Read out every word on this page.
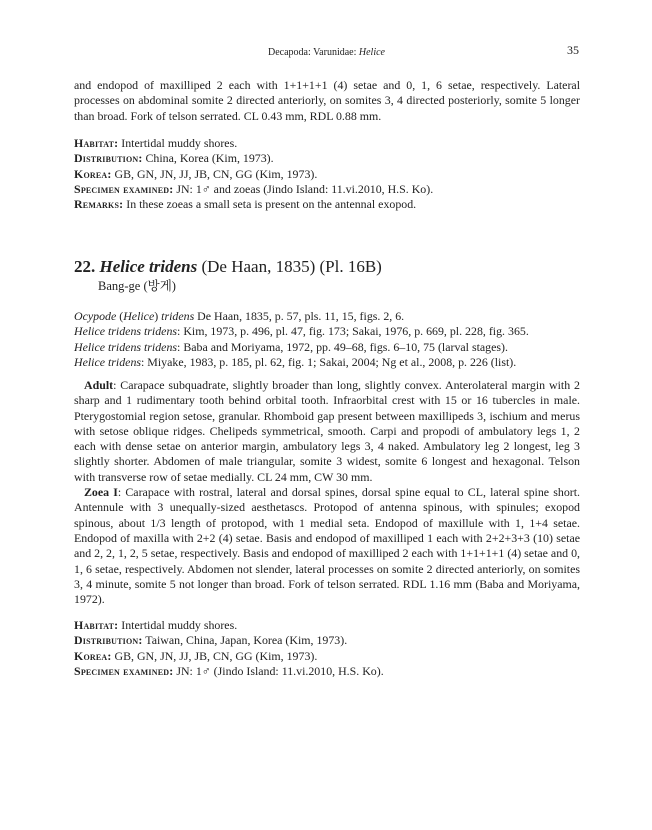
Decapoda: Varunidae: Helice	35

and endopod of maxilliped 2 each with 1+1+1+1 (4) setae and 0, 1, 6 setae, respectively. Lateral processes on abdominal somite 2 directed anteriorly, on somites 3, 4 directed posteriorly, somite 5 longer than broad. Fork of telson serrated. CL 0.43 mm, RDL 0.88 mm.

Habitat: Intertidal muddy shores.

Distribution: China, Korea (Kim, 1973).

Korea: GB, GN, JN, JJ, JB, CN, GG (Kim, 1973).

Specimen examined: JN: 1♂ and zoeas (Jindo Island: 11.vi.2010, H.S. Ko).

Remarks: In these zoeas a small seta is present on the antennal exopod.

22. Helice tridens (De Haan, 1835) (Pl. 16B)

Bang-ge (방게)

Ocypode (Helice) tridens De Haan, 1835, p. 57, pls. 11, 15, figs. 2, 6.

Helice tridens tridens: Kim, 1973, p. 496, pl. 47, fig. 173; Sakai, 1976, p. 669, pl. 228, fig. 365.

Helice tridens tridens: Baba and Moriyama, 1972, pp. 49–68, figs. 6–10, 75 (larval stages).

Helice tridens: Miyake, 1983, p. 185, pl. 62, fig. 1; Sakai, 2004; Ng et al., 2008, p. 226 (list).

Adult: Carapace subquadrate, slightly broader than long, slightly convex. Anterolateral margin with 2 sharp and 1 rudimentary tooth behind orbital tooth. Infraorbital crest with 15 or 16 tubercles in male. Pterygostomial region setose, granular. Rhomboid gap present between maxillipeds 3, ischium and merus with setose oblique ridges. Chelipeds symmetrical, smooth. Carpi and propodi of ambulatory legs 1, 2 each with dense setae on anterior margin, ambulatory legs 3, 4 naked. Ambulatory leg 2 longest, leg 3 slightly shorter. Abdomen of male triangular, somite 3 widest, somite 6 longest and hexagonal. Telson with transverse row of setae medially. CL 24 mm, CW 30 mm.

Zoea I: Carapace with rostral, lateral and dorsal spines, dorsal spine equal to CL, lateral spine short. Antennule with 3 unequally-sized aesthetascs. Protopod of antenna spinous, with spinules; exopod spinous, about 1/3 length of protopod, with 1 medial seta. Endopod of maxillule with 1, 1+4 setae. Endopod of maxilla with 2+2 (4) setae. Basis and endopod of maxilliped 1 each with 2+2+3+3 (10) setae and 2, 2, 1, 2, 5 setae, respectively. Basis and endopod of maxilliped 2 each with 1+1+1+1 (4) setae and 0, 1, 6 setae, respectively. Abdomen not slender, lateral processes on somite 2 directed anteriorly, on somites 3, 4 minute, somite 5 not longer than broad. Fork of telson serrated. RDL 1.16 mm (Baba and Moriyama, 1972).

Habitat: Intertidal muddy shores.

Distribution: Taiwan, China, Japan, Korea (Kim, 1973).

Korea: GB, GN, JN, JJ, JB, CN, GG (Kim, 1973).

Specimen examined: JN: 1♂ (Jindo Island: 11.vi.2010, H.S. Ko).
